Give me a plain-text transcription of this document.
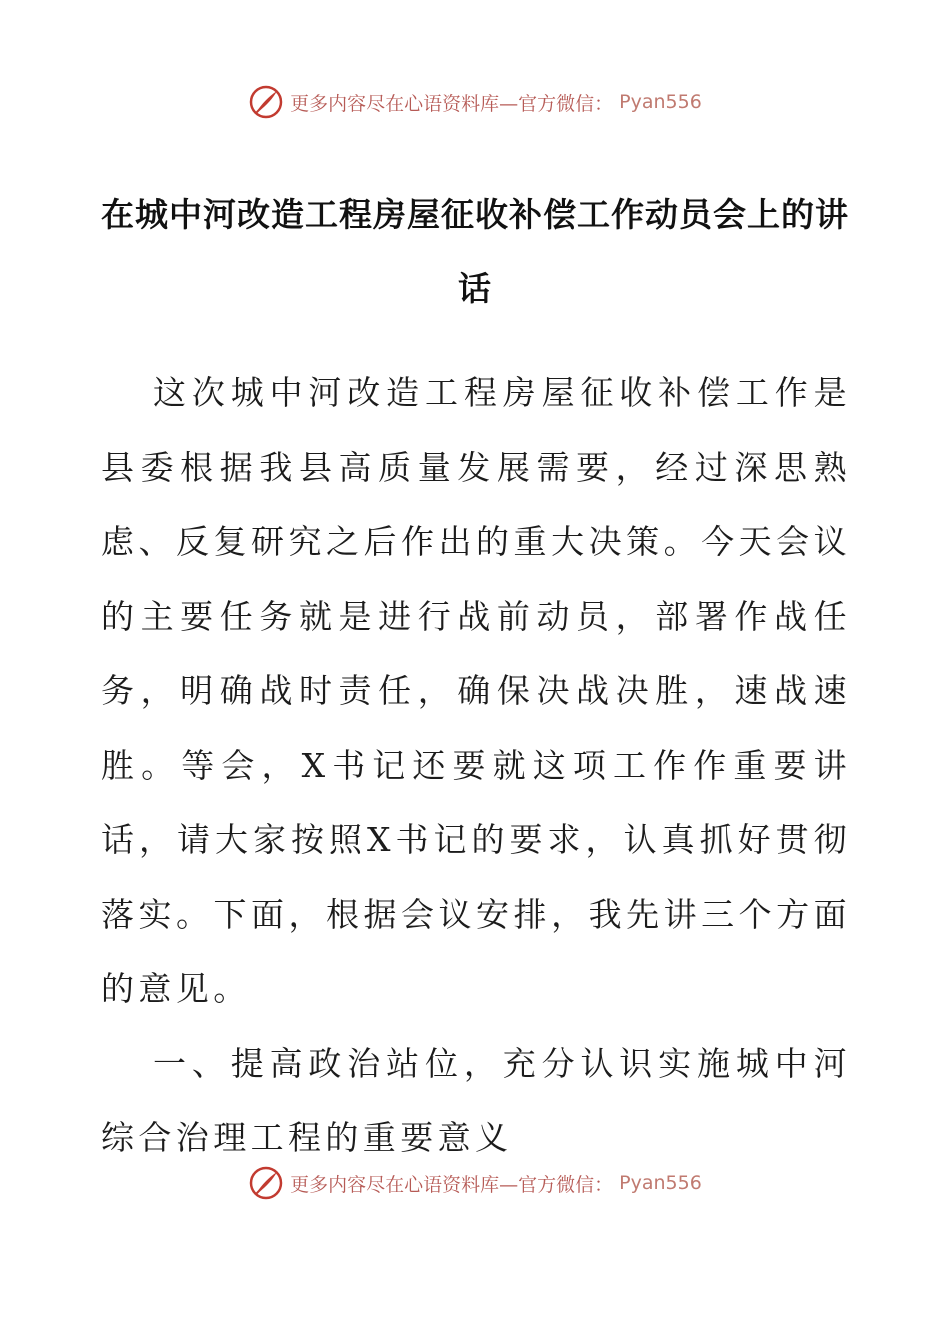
更多内容尽在心语资料库—官方微信： Pyan556
在城中河改造工程房屋征收补偿工作动员会上的讲话

这次城中河改造工程房屋征收补偿工作是县委根据我县高质量发展需要，经过深思熟虑、反复研究之后作出的重大决策。今天会议的主要任务就是进行战前动员，部署作战任务，明确战时责任，确保决战决胜，速战速胜。等会，X书记还要就这项工作作重要讲话，请大家按照X书记的要求，认真抓好贯彻落实。下面，根据会议安排，我先讲三个方面的意见。

一、提高政治站位，充分认识实施城中河综合治理工程的重要意义

更多内容尽在心语资料库—官方微信： Pyan556
